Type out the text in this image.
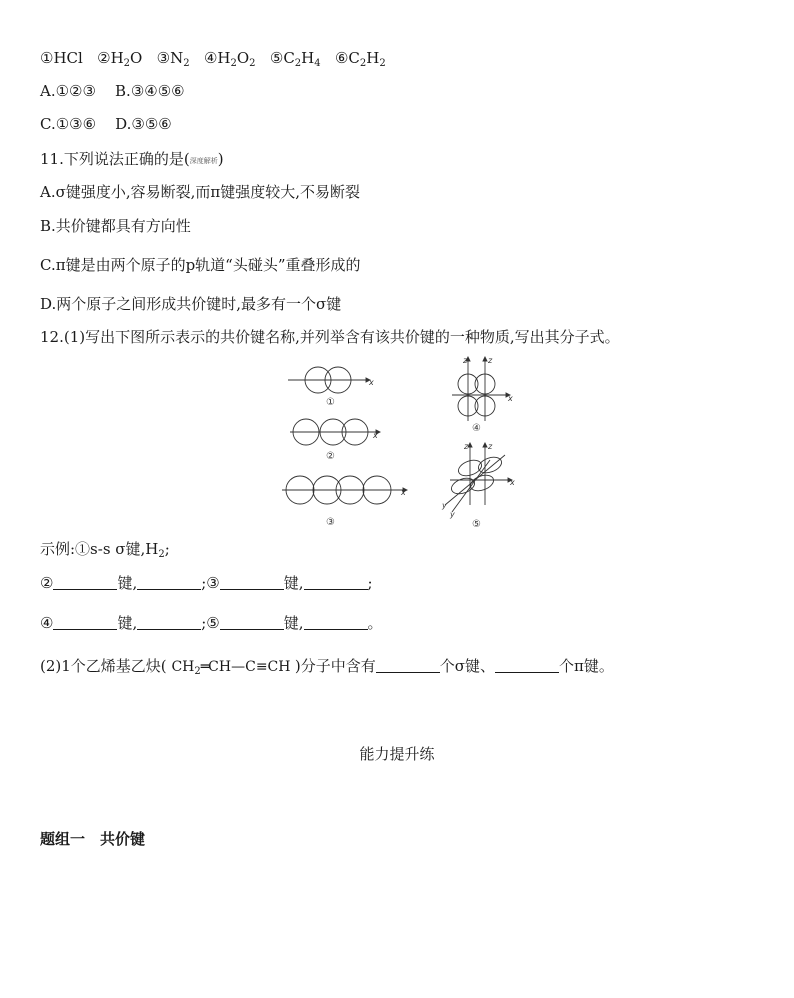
①HCl $②H_2O$ $③N_2$ $④H_2O_2$ $⑤C_2H_4$ $⑥C_2H_2$
A.①②③ B.③④⑤⑥
C.①③⑥ D.③⑤⑥
11.下列说法正确的是(深度解析)
A.σ键强度小,容易断裂,而π键强度较大,不易断裂
B.共价键都具有方向性
C.π键是由两个原子的p轨道“头碰头”重叠形成的
D.两个原子之间形成共价键时,最多有一个σ键
12.(1)写出下图所示表示的共价键名称,并列举含有该共价键的一种物质,写出其分子式。
x
x
x
x
z	z
x
z z
y
y
①
②
③
④
⑤
示例:①s-s σ键$,H_2$;
②	键,	;③	键,	;
④	键,	;⑤	键,	。
(2)1个乙烯基乙炔( $CH_2═CH—C\equiv CH$ )分子中含有	个σ键、	个π键。
能力提升练
题组一　共价键
